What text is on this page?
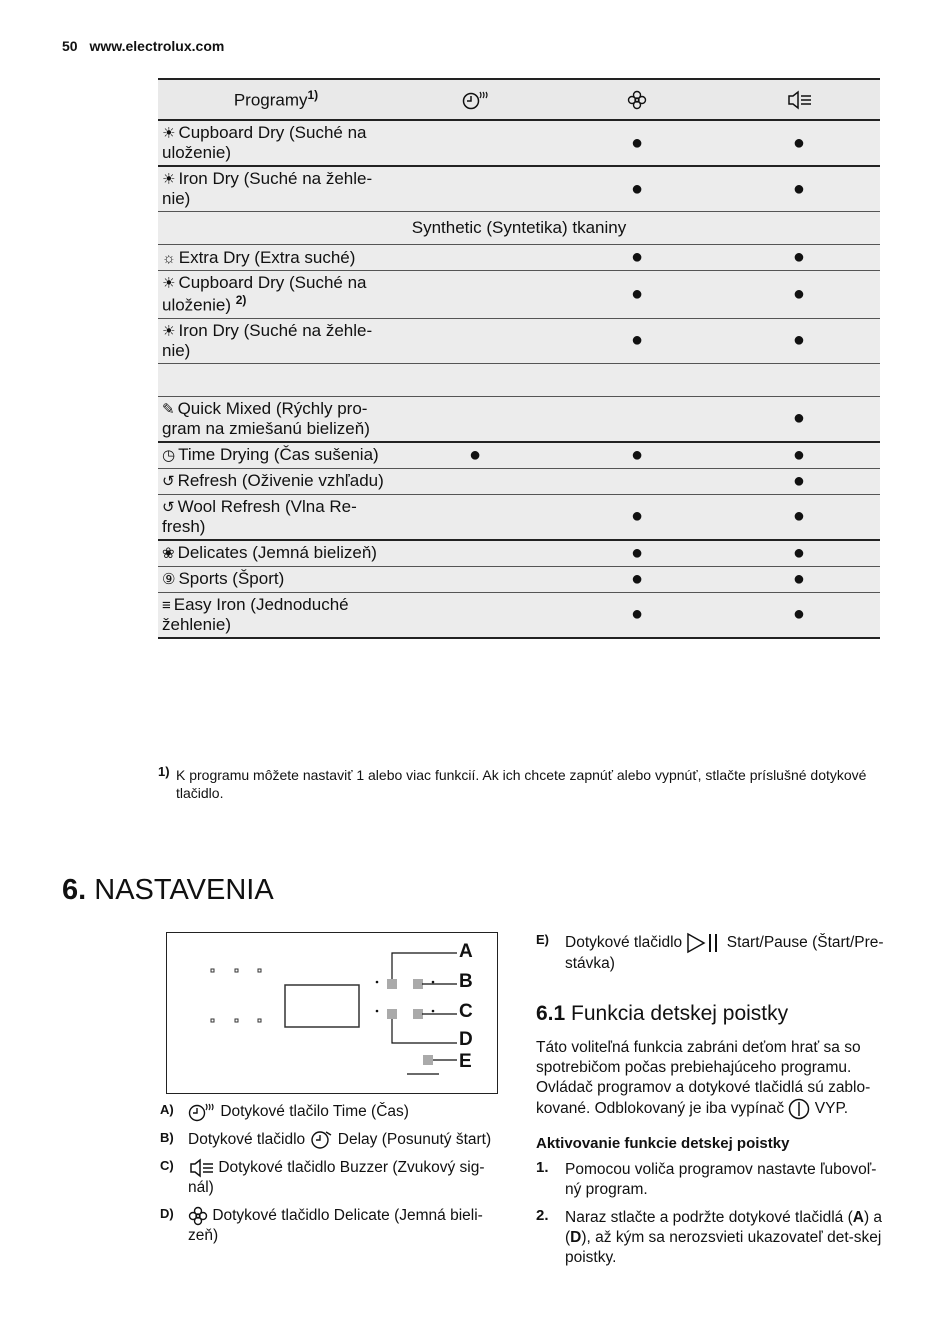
50 www.electrolux.com
Programy$^{1)}$			
☀ Cupboard Dry (Suché na uloženie)		●	●
☀ Iron Dry (Suché na žehle-nie)		●	●
Synthetic (Syntetika) tkaniny			
☼ Extra Dry (Extra suché)		●	●
☀ Cupboard Dry (Suché na uloženie) $^{2)}$		●	●
☀ Iron Dry (Suché na žehle-nie)		●	●

✎ Quick Mixed (Rýchly pro-gram na zmiešanú bielizeň)			●
◷ Time Drying (Čas sušenia)	●	●	●
↺ Refresh (Oživenie vzhľadu)			●
↺ Wool Refresh (Vlna Re-fresh)		●	●
❀ Delicates (Jemná bielizeň)		●	●
⑨ Sports (Šport)		●	●
≡ Easy Iron (Jednoduché žehlenie)		●	●
1) K programu môžete nastaviť 1 alebo viac funkcií. Ak ich chcete zapnúť alebo vypnúť, stlačte príslušné dotykové tlačidlo.
6. NASTAVENIA
A
B
C
D
E
A)	Dotykové tlačilo Time (Čas)
B) Dotykové tlačidlo Delay (Posunutý štart)
C)	Dotykové tlačidlo Buzzer (Zvukový sig-nál)
D) Dotykové tlačidlo Delicate (Jemná bieli-zeň)
E) Dotykové tlačidlo	Start/Pause (Štart/Pre-stávka)
6.1 Funkcia detskej poistky
Táto voliteľná funkcia zabráni deťom hrať sa so spotrebičom počas prebiehajúceho programu. Ovládač programov a dotykové tlačidlá sú zablo-kované. Odblokovaný je iba vypínač VYP.
Aktivovanie funkcie detskej poistky
1. Pomocou voliča programov nastavte ľubovoľ-ný program.
2. Naraz stlačte a podržte dotykové tlačidlá (A) a (D), až kým sa nerozsvieti ukazovateľ det-skej poistky.
